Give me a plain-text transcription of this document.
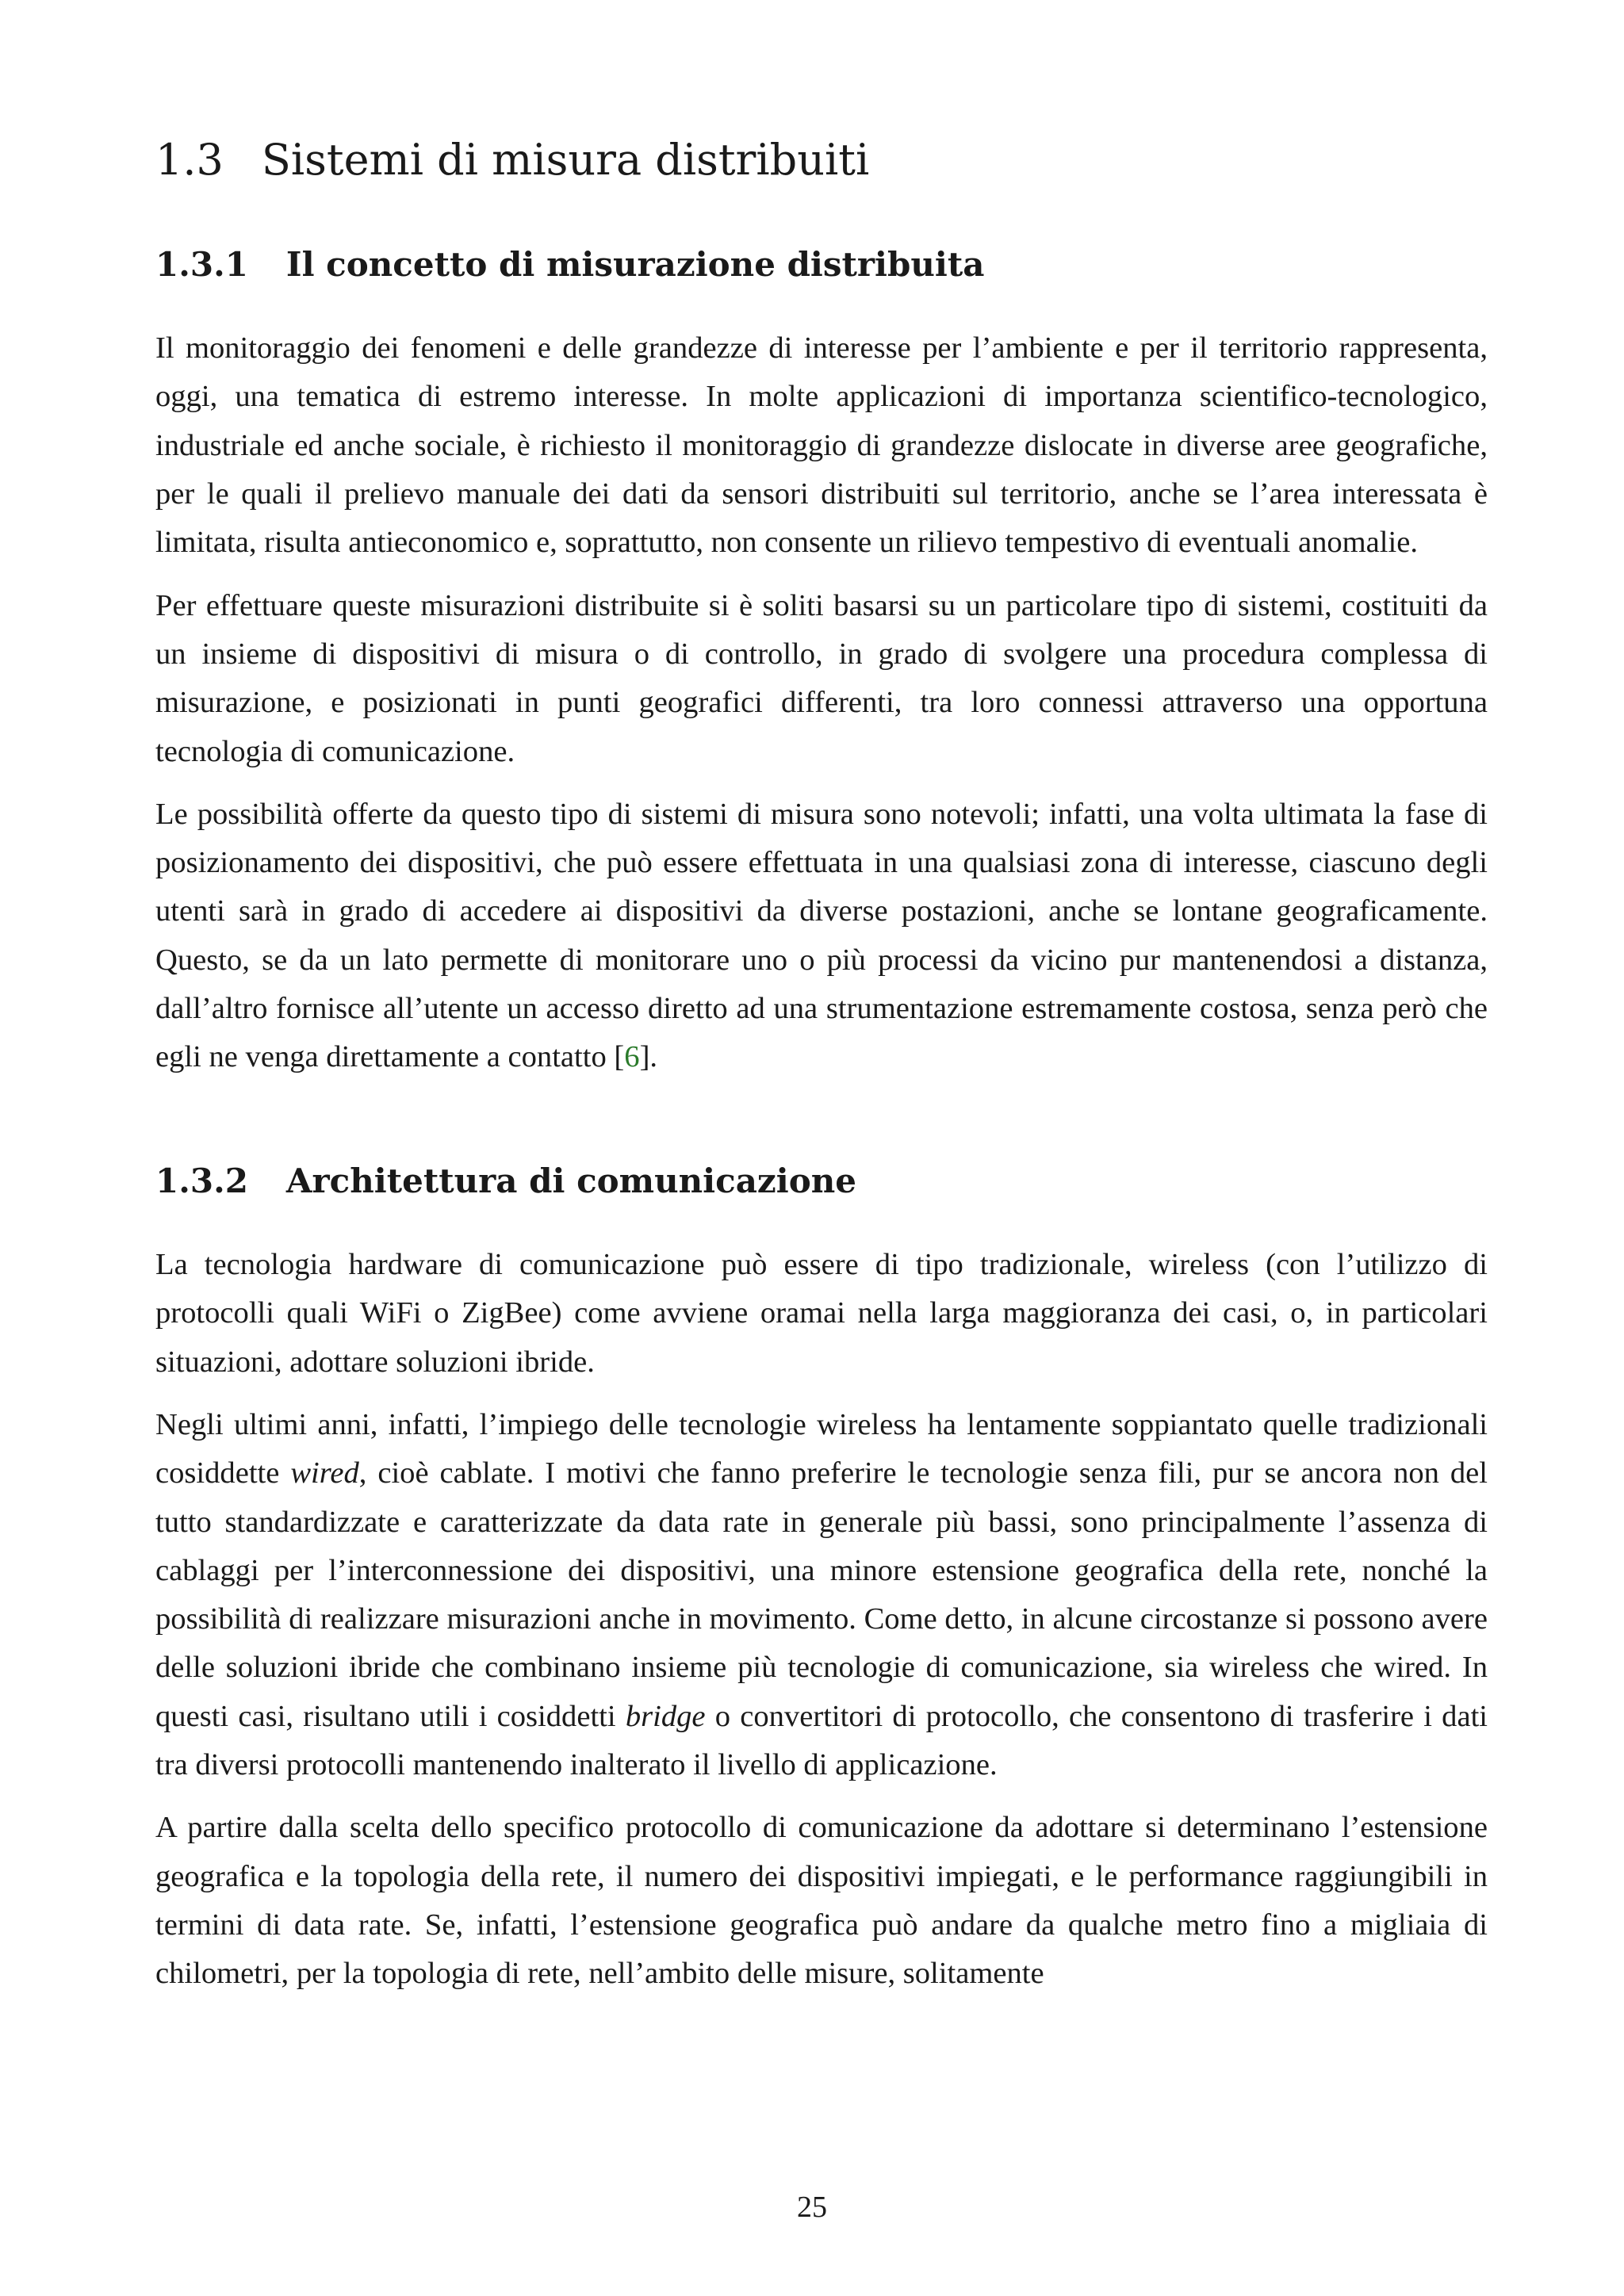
1.3 Sistemi di misura distribuiti
1.3.1 Il concetto di misurazione distribuita

Il monitoraggio dei fenomeni e delle grandezze di interesse per l’ambiente e per il territorio rappresenta, oggi, una tematica di estremo interesse. In molte applicazioni di importanza scientifico-tecnologico, industriale ed anche sociale, è richiesto il monitoraggio di grandezze dislocate in diverse aree geografiche, per le quali il prelievo manuale dei dati da sensori distribuiti sul territorio, anche se l’area interessata è limitata, risulta antieconomico e, soprattutto, non consente un rilievo tempestivo di eventuali anomalie.

Per effettuare queste misurazioni distribuite si è soliti basarsi su un particolare tipo di sistemi, costituiti da un insieme di dispositivi di misura o di controllo, in grado di svolgere una procedura complessa di misurazione, e posizionati in punti geografici differenti, tra loro connessi attraverso una opportuna tecnologia di comunicazione.

Le possibilità offerte da questo tipo di sistemi di misura sono notevoli; infatti, una volta ultimata la fase di posizionamento dei dispositivi, che può essere effettuata in una qualsiasi zona di interesse, ciascuno degli utenti sarà in grado di accedere ai dispositivi da diverse postazioni, anche se lontane geograficamente. Questo, se da un lato permette di monitorare uno o più processi da vicino pur mantenendosi a distanza, dall’altro fornisce all’utente un accesso diretto ad una strumentazione estremamente costosa, senza però che egli ne venga direttamente a contatto [6].

1.3.2 Architettura di comunicazione

La tecnologia hardware di comunicazione può essere di tipo tradizionale, wireless (con l’utilizzo di protocolli quali WiFi o ZigBee) come avviene oramai nella larga maggioranza dei casi, o, in particolari situazioni, adottare soluzioni ibride.

Negli ultimi anni, infatti, l’impiego delle tecnologie wireless ha lentamente soppiantato quelle tradizionali cosiddette wired, cioè cablate. I motivi che fanno preferire le tecnologie senza fili, pur se ancora non del tutto standardizzate e caratterizzate da data rate in generale più bassi, sono principalmente l’assenza di cablaggi per l’interconnessione dei dispositivi, una minore estensione geografica della rete, nonché la possibilità di realizzare misurazioni anche in movimento. Come detto, in alcune circostanze si possono avere delle soluzioni ibride che combinano insieme più tecnologie di comunicazione, sia wireless che wired. In questi casi, risultano utili i cosiddetti bridge o convertitori di protocollo, che consentono di trasferire i dati tra diversi protocolli mantenendo inalterato il livello di applicazione.

A partire dalla scelta dello specifico protocollo di comunicazione da adottare si determinano l’estensione geografica e la topologia della rete, il numero dei dispositivi impiegati, e le performance raggiungibili in termini di data rate. Se, infatti, l’estensione geografica può andare da qualche metro fino a migliaia di chilometri, per la topologia di rete, nell’ambito delle misure, solitamente

25
